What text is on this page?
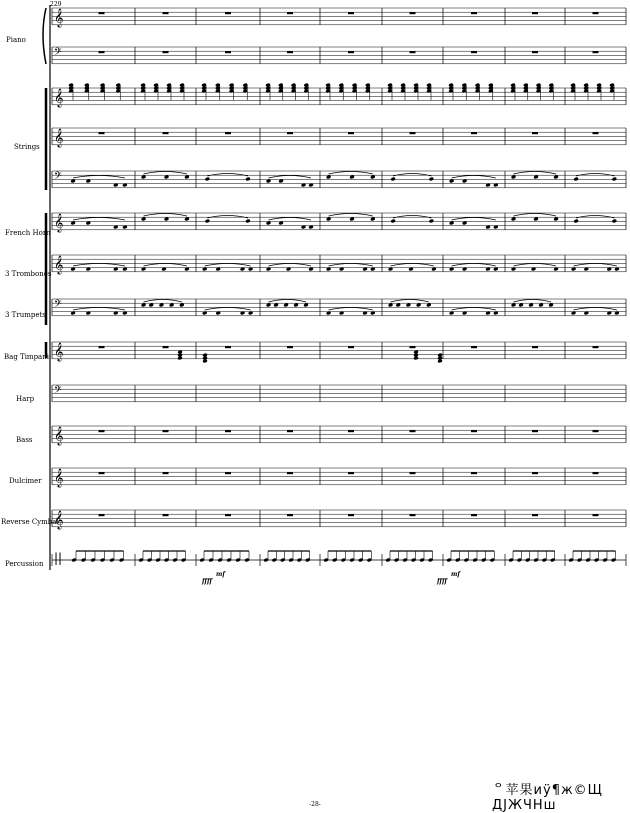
𝄞
𝄢
𝄞
𝄞
𝄢
𝄞
𝄞
𝄢
𝄞
𝄢
𝄞
𝄞
𝄞
||
229
Piano
Strings
French Horn
3 Trombones
3 Trumpets
Bag Timpani
Harp
Bass
Dulcimer
Reverse Cymbal
Percussion
ffff
mf
ffff
mf
-28-
ᄋ苹果иӱ¶ж©Щ ДЈЖЧНш
